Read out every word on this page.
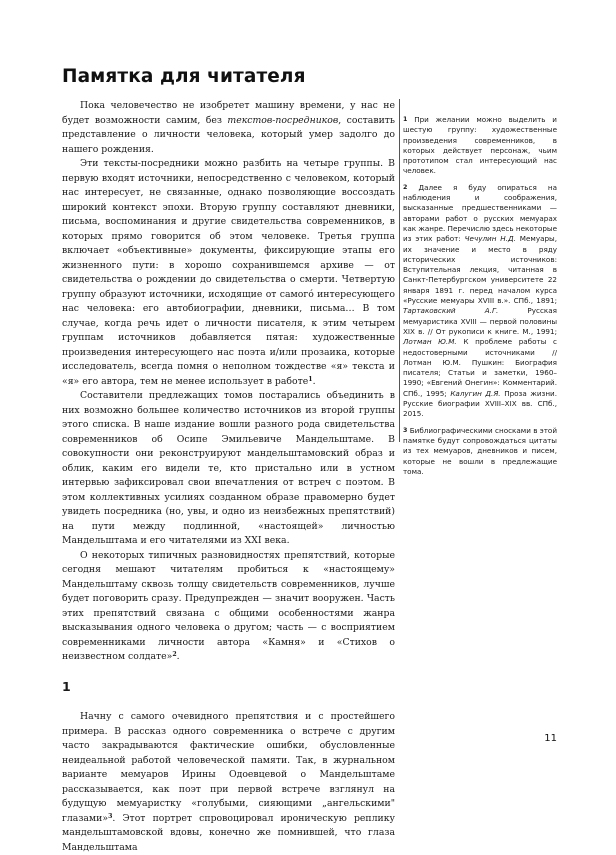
Памятка для читателя

Пока человечество не изобретет машину времени, у нас не будет возможности самим, без текстов-посредников, составить представление о личности человека, который умер задолго до нашего рождения.

Эти тексты-посредники можно разбить на четыре группы. В первую входят источники, непосредственно с человеком, который нас интересует, не связанные, однако позволяющие воссоздать широкий контекст эпохи. Вторую группу составляют дневники, письма, воспоминания и другие свидетельства современников, в которых прямо говорится об этом человеке. Третья группа включает «объективные» документы, фиксирующие этапы его жизненного пути: в хорошо сохранившемся архиве — от свидетельства о рождении до свидетельства о смерти. Четвертую группу образуют источники, исходящие от самогó интересующего нас человека: его автобиографии, дневники, письма… В том случае, когда речь идет о личности писателя, к этим четырем группам источников добавляется пятая: художественные произведения интересующего нас поэта и/или прозаика, которые исследователь, всегда помня о неполном тождестве «я» текста и «я» его автора, тем не менее использует в работе$^1$.

Составители предлежащих томов постарались объединить в них возможно большее количество источников из второй группы этого списка. В наше издание вошли разного рода свидетельства современников об Осипе Эмильевиче Мандельштаме. В совокупности они реконструируют мандельштамовский образ и облик, каким его видели те, кто пристально или в устном интервью зафиксировал свои впечатления от встреч с поэтом. В этом коллективных усилиях созданном образе правомерно будет увидеть посредника (но, увы, и одно из неизбежных препятствий) на пути между подлинной, «настоящей» личностью Мандельштама и его читателями из XXI века.

О некоторых типичных разновидностях препятствий, которые сегодня мешают читателям пробиться к «настоящему» Мандельштаму сквозь толщу свидетельств современников, лучше будет поговорить сразу. Предупрежден — значит вооружен. Часть этих препятствий связана с общими особенностями жанра высказывания одного человека о другом; часть — с восприятием современниками личности автора «Камня» и «Стихов о неизвестном солдате»$^2$.

1

Начну с самого очевидного препятствия и с простейшего примера. В рассказ одного современника о встрече с другим часто закрадываются фактические ошибки, обусловленные неидеальной работой человеческой памяти. Так, в журнальном варианте мемуаров Ирины Одоевцевой о Мандельштаме рассказывается, как поэт при первой встрече взглянул на будущую мемуаристку «голубыми, сияющими „ангельскими" глазами»$^3$. Этот портрет спровоцировал ироническую реплику мандельштамовской вдовы, конечно же помнившей, что глаза Мандельштама

1 При желании можно выделить и шестую группу: художественные произведения современников, в которых действует персонаж, чьим прототипом стал интересующий нас человек.

2 Далее я буду опираться на наблюдения и соображения, высказанные предшественниками — авторами работ о русских мемуарах как жанре. Перечислю здесь некоторые из этих работ: Чечулин Н.Д. Мемуары, их значение и место в ряду исторических источников: Вступительная лекция, читанная в Санкт-Петербургском университете 22 января 1891 г. перед началом курса «Русские мемуары XVIII в.». СПб., 1891; Тартаковский А.Г. Русская мемуаристика XVIII — первой половины XIX в. // От рукописи к книге. М., 1991; Лотман Ю.М. К проблеме работы с недостоверными источниками // Лотман Ю.М. Пушкин: Биография писателя; Статьи и заметки, 1960–1990; «Евгений Онегин»: Комментарий. СПб., 1995; Калугин Д.Я. Проза жизни. Русские биографии XVIII–XIX вв. СПб., 2015.

3 Библиографическими сносками в этой памятке будут сопровождаться цитаты из тех мемуаров, дневников и писем, которые не вошли в предлежащие тома.

11
